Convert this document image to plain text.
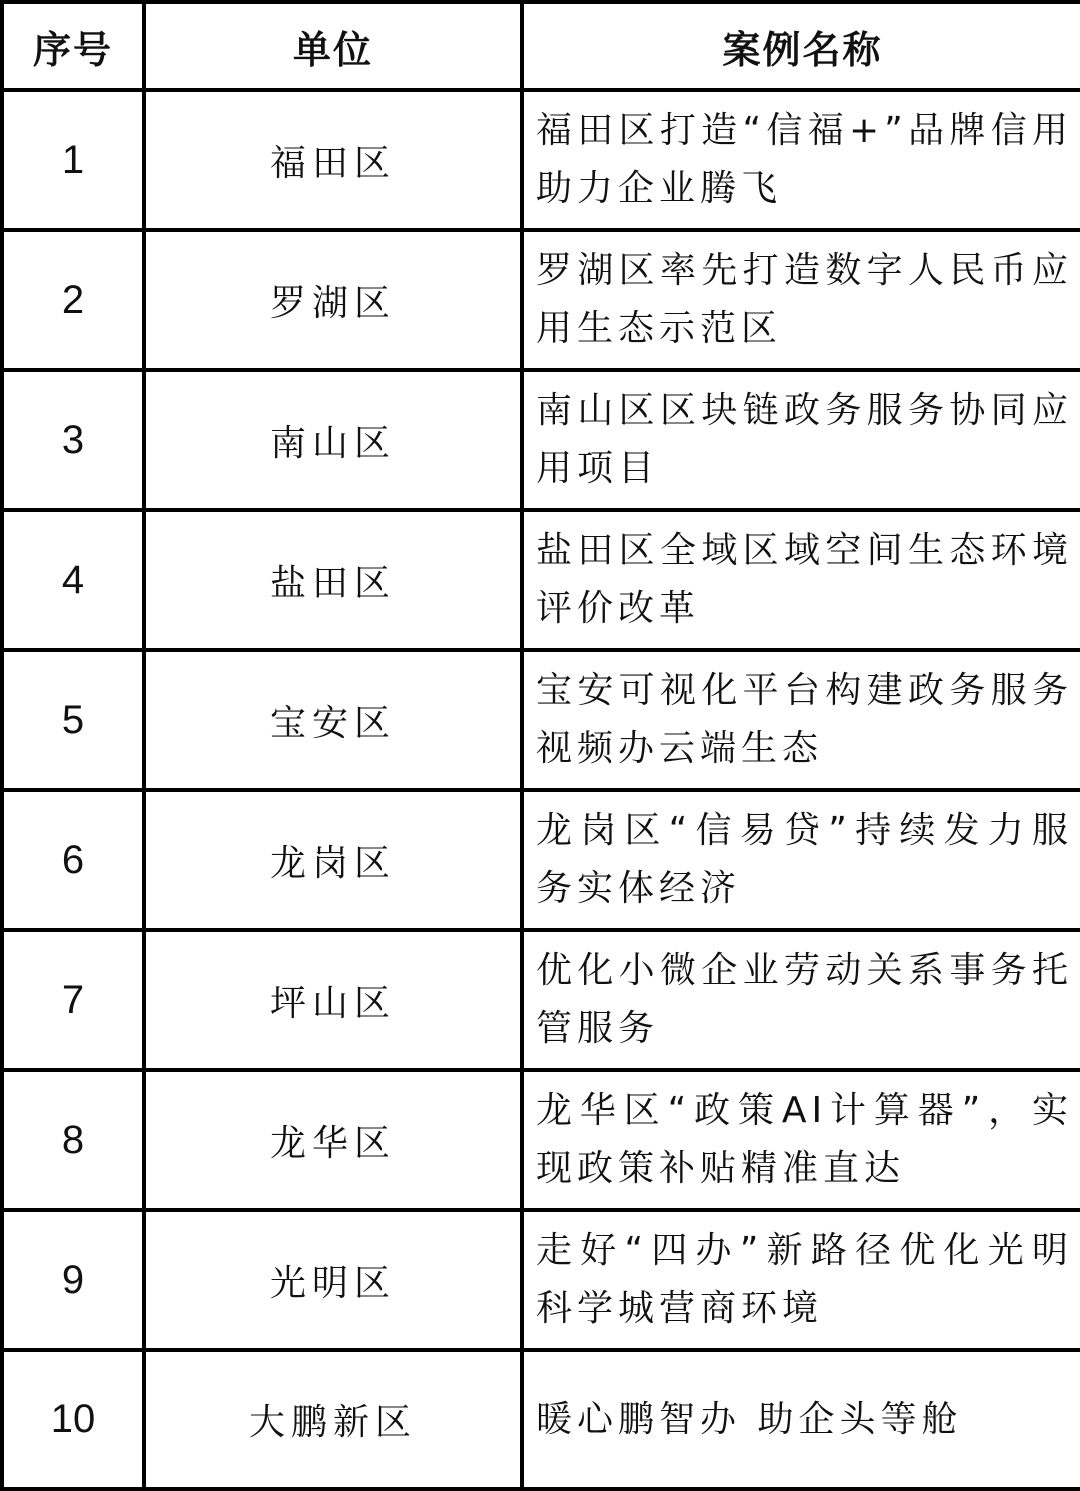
序号	单位	案例名称
1	福田区	福田区打造“信福+”品牌信用助力企业腾飞
2	罗湖区	罗湖区率先打造数字人民币应用生态示范区
3	南山区	南山区区块链政务服务协同应用项目
4	盐田区	盐田区全域区域空间生态环境评价改革
5	宝安区	宝安可视化平台构建政务服务视频办云端生态
6	龙岗区	龙岗区“信易贷”持续发力服务实体经济
7	坪山区	优化小微企业劳动关系事务托管服务
8	龙华区	龙华区“政策AI计算器”，实现政策补贴精准直达
9	光明区	走好“四办”新路径优化光明科学城营商环境
10	大鹏新区	暖心鹏智办 助企头等舱
